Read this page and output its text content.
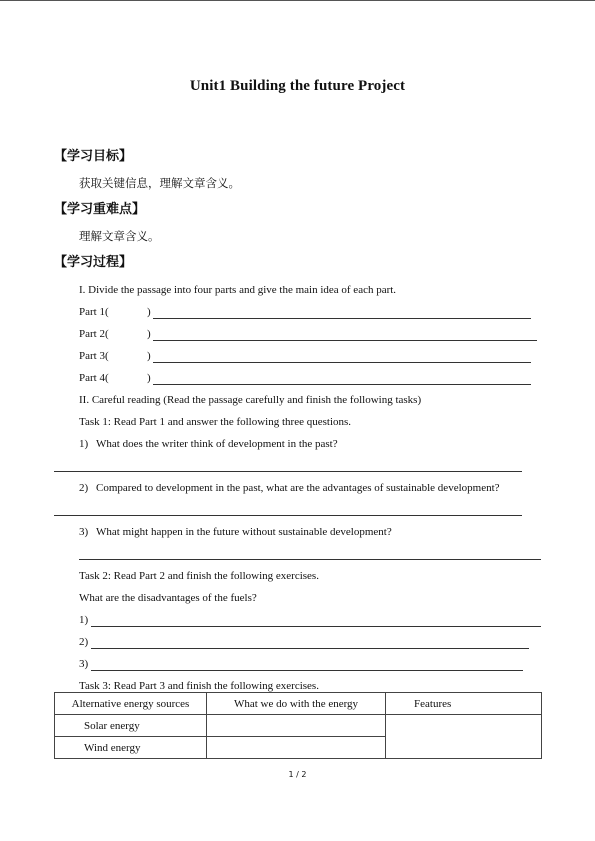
Unit1 Building the future Project
【学习目标】
获取关键信息，理解文章含义。
【学习重难点】
理解文章含义。
【学习过程】
I. Divide the passage into four parts and give the main idea of each part.
Part 1(	)
Part 2(	)
Part 3(	)
Part 4(	)
II. Careful reading (Read the passage carefully and finish the following tasks)
Task 1: Read Part 1 and answer the following three questions.
1) What does the writer think of development in the past?
2) Compared to development in the past, what are the advantages of sustainable development?
3) What might happen in the future without sustainable development?
Task 2: Read Part 2 and finish the following exercises.
What are the disadvantages of the fuels?
1)
2)
3)
Task 3: Read Part 3 and finish the following exercises.
Alternative energy sources	What we do with the energy	Features
Solar energy		
Wind energy		
1 / 2
